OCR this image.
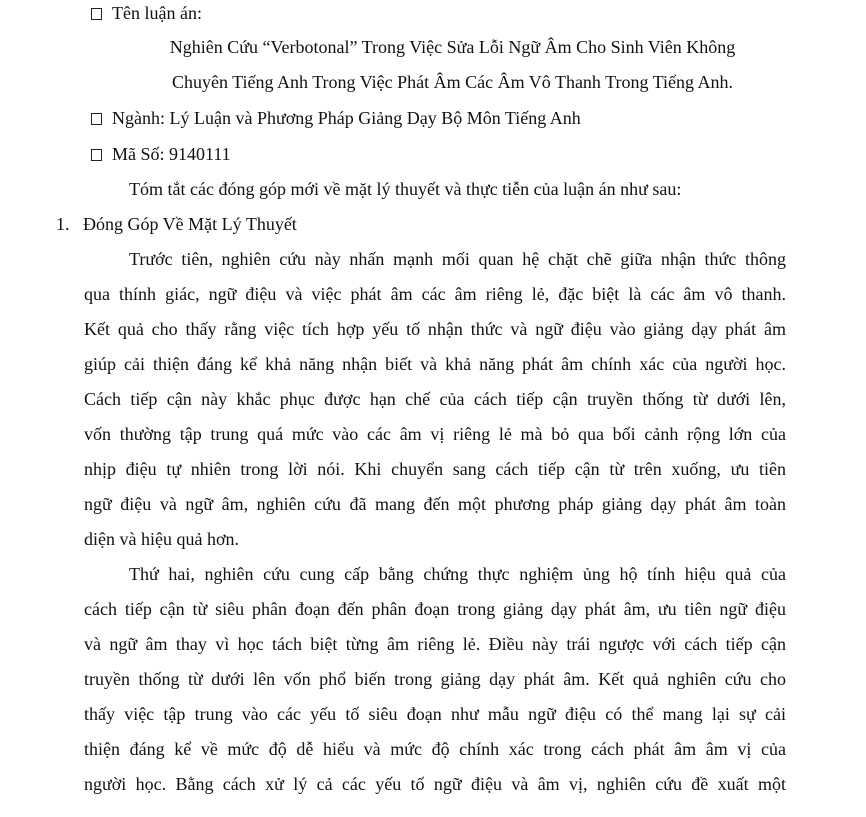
Tên luận án:
Nghiên Cứu “Verbotonal” Trong Việc Sửa Lỗi Ngữ Âm Cho Sinh Viên Không
Chuyên Tiếng Anh Trong Việc Phát Âm Các Âm Vô Thanh Trong Tiếng Anh.
Ngành: Lý Luận và Phương Pháp Giảng Dạy Bộ Môn Tiếng Anh
Mã Số: 9140111
Tóm tắt các đóng góp mới về mặt lý thuyết và thực tiễn của luận án như sau:
1. Đóng Góp Về Mặt Lý Thuyết
Trước tiên, nghiên cứu này nhấn mạnh mối quan hệ chặt chẽ giữa nhận thức thông
qua thính giác, ngữ điệu và việc phát âm các âm riêng lẻ, đặc biệt là các âm vô thanh.
Kết quả cho thấy rằng việc tích hợp yếu tố nhận thức và ngữ điệu vào giảng dạy phát âm
giúp cải thiện đáng kể khả năng nhận biết và khả năng phát âm chính xác của người học.
Cách tiếp cận này khắc phục được hạn chế của cách tiếp cận truyền thống từ dưới lên,
vốn thường tập trung quá mức vào các âm vị riêng lẻ mà bỏ qua bối cảnh rộng lớn của
nhịp điệu tự nhiên trong lời nói. Khi chuyển sang cách tiếp cận từ trên xuống, ưu tiên
ngữ điệu và ngữ âm, nghiên cứu đã mang đến một phương pháp giảng dạy phát âm toàn
diện và hiệu quả hơn.
Thứ hai, nghiên cứu cung cấp bằng chứng thực nghiệm ủng hộ tính hiệu quả của
cách tiếp cận từ siêu phân đoạn đến phân đoạn trong giảng dạy phát âm, ưu tiên ngữ điệu
và ngữ âm thay vì học tách biệt từng âm riêng lẻ. Điều này trái ngược với cách tiếp cận
truyền thống từ dưới lên vốn phổ biến trong giảng dạy phát âm. Kết quả nghiên cứu cho
thấy việc tập trung vào các yếu tố siêu đoạn như mẫu ngữ điệu có thể mang lại sự cải
thiện đáng kể về mức độ dễ hiểu và mức độ chính xác trong cách phát âm âm vị của
người học. Bằng cách xử lý cả các yếu tố ngữ điệu và âm vị, nghiên cứu đề xuất một
